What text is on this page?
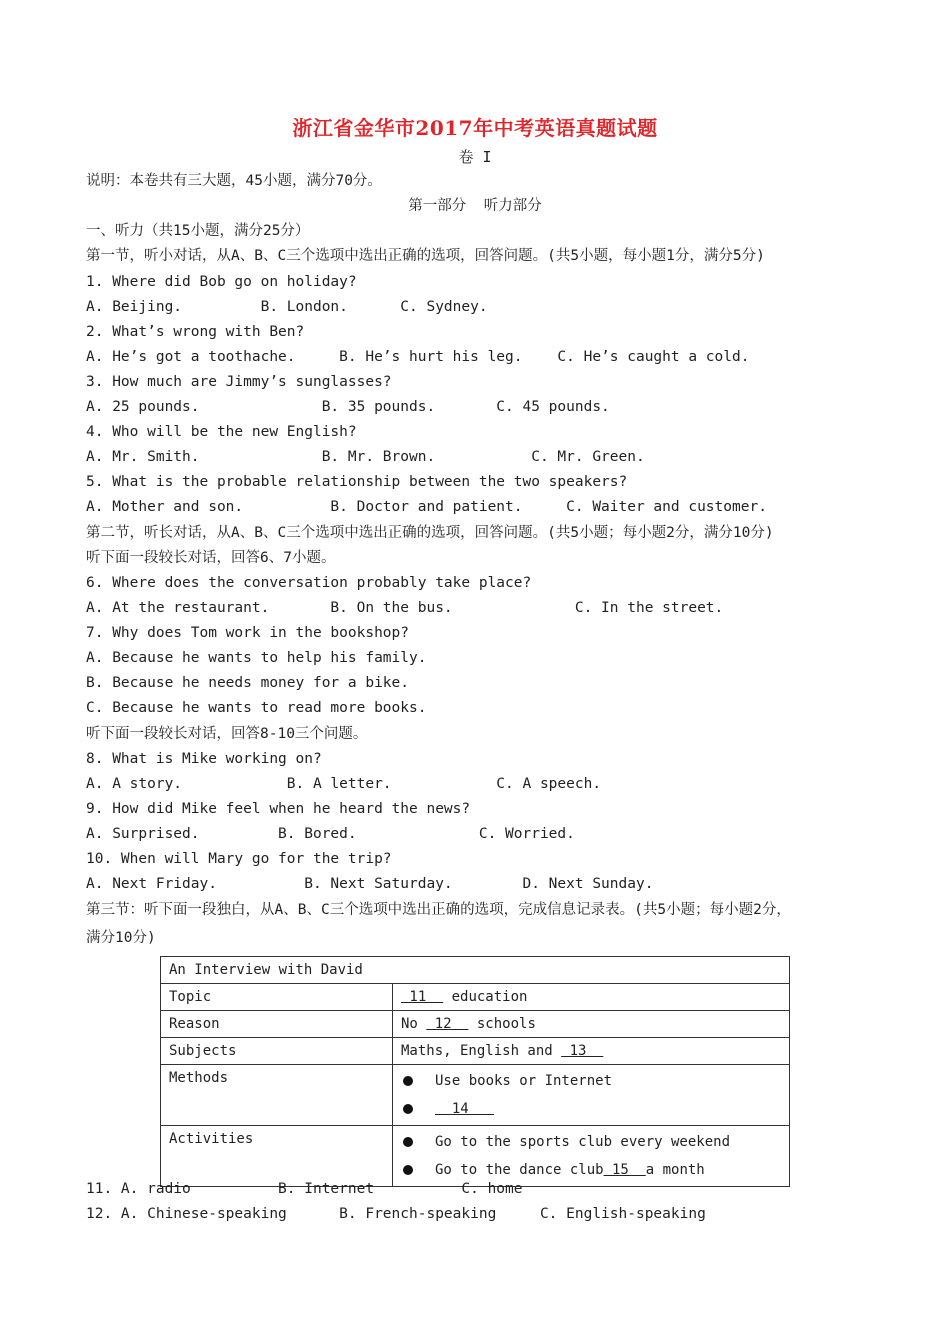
浙江省金华市2017年中考英语真题试题
卷 I
说明：本卷共有三大题，45小题，满分70分。
第一部分  听力部分
一、听力（共15小题，满分25分）
第一节，听小对话，从A、B、C三个选项中选出正确的选项，回答问题。(共5小题，每小题1分，满分5分)
1. Where did Bob go on holiday?
A. Beijing.         B. London.      C. Sydney.
2. What’s wrong with Ben?
A. He’s got a toothache.     B. He’s hurt his leg.    C. He’s caught a cold.
3. How much are Jimmy’s sunglasses?
A. 25 pounds.              B. 35 pounds.       C. 45 pounds.
4. Who will be the new English?
A. Mr. Smith.              B. Mr. Brown.           C. Mr. Green.
5. What is the probable relationship between the two speakers?
A. Mother and son.          B. Doctor and patient.     C. Waiter and customer.
第二节，听长对话，从A、B、C三个选项中选出正确的选项，回答问题。(共5小题；每小题2分，满分10分)
听下面一段较长对话，回答6、7小题。
6. Where does the conversation probably take place?
A. At the restaurant.       B. On the bus.              C. In the street.
7. Why does Tom work in the bookshop?
A. Because he wants to help his family.
B. Because he needs money for a bike.
C. Because he wants to read more books.
听下面一段较长对话，回答8-10三个问题。
8. What is Mike working on?
A. A story.            B. A letter.            C. A speech.
9. How did Mike feel when he heard the news?
A. Surprised.         B. Bored.              C. Worried.
10. When will Mary go for the trip?
A. Next Friday.          B. Next Saturday.        D. Next Sunday.
第三节：听下面一段独白，从A、B、C三个选项中选出正确的选项，完成信息记录表。(共5小题；每小题2分，
满分10分)
An Interview with David	
Topic	11   education
Reason	No  12   schools
Subjects	Maths, English and  13
Methods	Use books or Internet
14

Activities	Go to the sports club every weekend
Go to the dance club 15 a month
11. A. radio          B. Internet          C. home
12. A. Chinese-speaking      B. French-speaking     C. English-speaking
